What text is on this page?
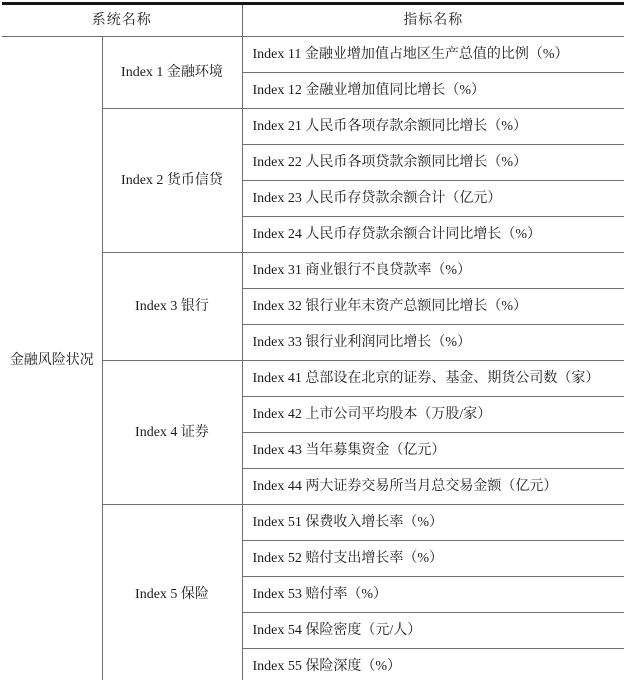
系统名称		指标名称
金融风险状况	Index 1 金融环境	Index 11 金融业增加值占地区生产总值的比例（%）
		Index 12 金融业增加值同比增长（%）
	Index 2 货币信贷	Index 21 人民币各项存款余额同比增长（%）
		Index 22 人民币各项贷款余额同比增长（%）
		Index 23 人民币存贷款余额合计（亿元）
		Index 24 人民币存贷款余额合计同比增长（%）
	Index 3 银行	Index 31 商业银行不良贷款率（%）
		Index 32 银行业年末资产总额同比增长（%）
		Index 33 银行业利润同比增长（%）
	Index 4 证券	Index 41 总部设在北京的证券、基金、期货公司数（家）
		Index 42 上市公司平均股本（万股/家）
		Index 43 当年募集资金（亿元）
		Index 44 两大证券交易所当月总交易金额（亿元）
	Index 5 保险	Index 51 保费收入增长率（%）
		Index 52 赔付支出增长率（%）
		Index 53 赔付率（%）
		Index 54 保险密度（元/人）
		Index 55 保险深度（%）
